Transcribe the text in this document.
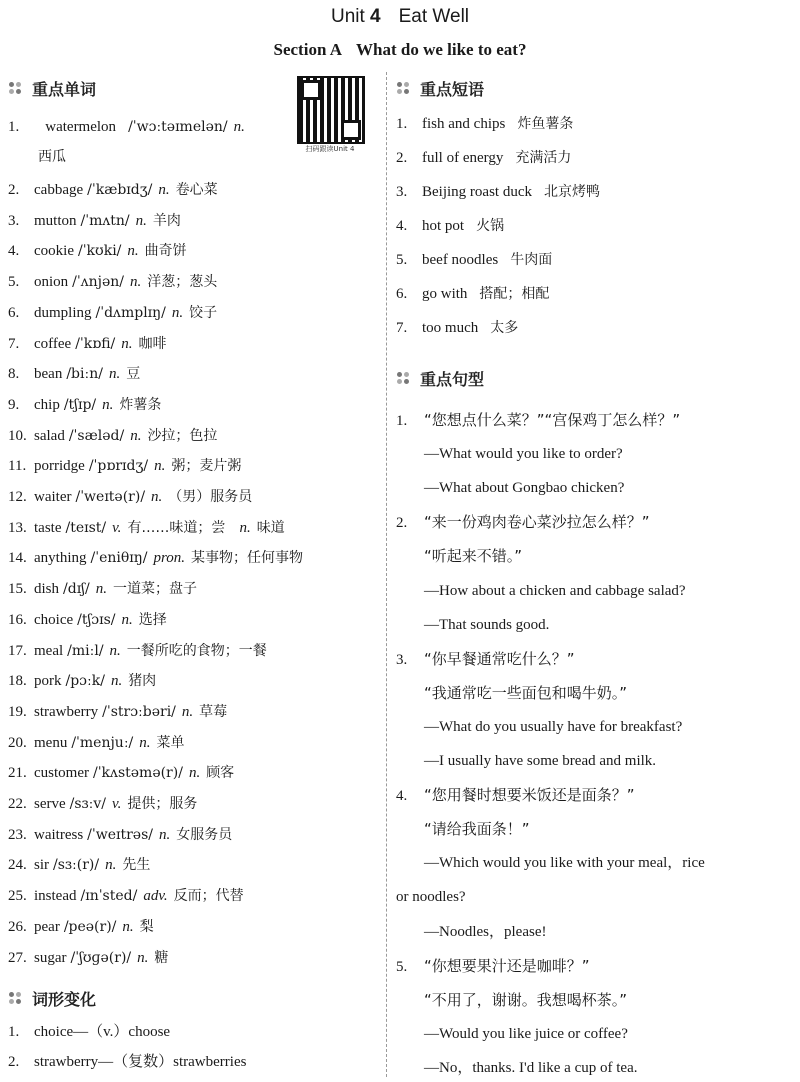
Unit 4 Eat Well
Section A What do we like to eat?
重点单词
扫码跟读Unit 4
1. watermelon /ˈwɔːtəɪmelən/ n.
西瓜
2. cabbage /ˈkæbɪdʒ/ n. 卷心菜
3. mutton /ˈmʌtn/ n. 羊肉
4. cookie /ˈkʊki/ n. 曲奇饼
5. onion /ˈʌnjən/ n. 洋葱；葱头
6. dumpling /ˈdʌmplɪŋ/ n. 饺子
7. coffee /ˈkɒfi/ n. 咖啡
8. bean /biːn/ n. 豆
9. chip /tʃɪp/ n. 炸薯条
10. salad /ˈsæləd/ n. 沙拉；色拉
11. porridge /ˈpɒrɪdʒ/ n. 粥；麦片粥
12. waiter /ˈweɪtə(r)/ n. （男）服务员
13. taste /teɪst/ v. 有……味道；尝 n. 味道
14. anything /ˈeniθɪŋ/ pron. 某事物；任何事物
15. dish /dɪʃ/ n. 一道菜；盘子
16. choice /tʃɔɪs/ n. 选择
17. meal /miːl/ n. 一餐所吃的食物；一餐
18. pork /pɔːk/ n. 猪肉
19. strawberry /ˈstrɔːbəri/ n. 草莓
20. menu /ˈmenjuː/ n. 菜单
21. customer /ˈkʌstəmə(r)/ n. 顾客
22. serve /sɜːv/ v. 提供；服务
23. waitress /ˈweɪtrəs/ n. 女服务员
24. sir /sɜː(r)/ n. 先生
25. instead /ɪnˈsted/ adv. 反而；代替
26. pear /peə(r)/ n. 梨
27. sugar /ˈʃʊɡə(r)/ n. 糖
词形变化
1. choice—（v.）choose
2. strawberry—（复数）strawberries
重点短语
1. fish and chips 炸鱼薯条
2. full of energy 充满活力
3. Beijing roast duck 北京烤鸭
4. hot pot 火锅
5. beef noodles 牛肉面
6. go with 搭配；相配
7. too much 太多
重点句型
1. “您想点什么菜？”“宫保鸡丁怎么样？”
—What would you like to order?
—What about Gongbao chicken?
2. “来一份鸡肉卷心菜沙拉怎么样？”
“听起来不错。”
—How about a chicken and cabbage salad?
—That sounds good.
3. “你早餐通常吃什么？”
“我通常吃一些面包和喝牛奶。”
—What do you usually have for breakfast?
—I usually have some bread and milk.
4. “您用餐时想要米饭还是面条？”
“请给我面条！”
—Which would you like with your meal，rice
or noodles?
—Noodles，please!
5. “你想要果汁还是咖啡？”
“不用了，谢谢。我想喝杯茶。”
—Would you like juice or coffee?
—No，thanks. I'd like a cup of tea.
